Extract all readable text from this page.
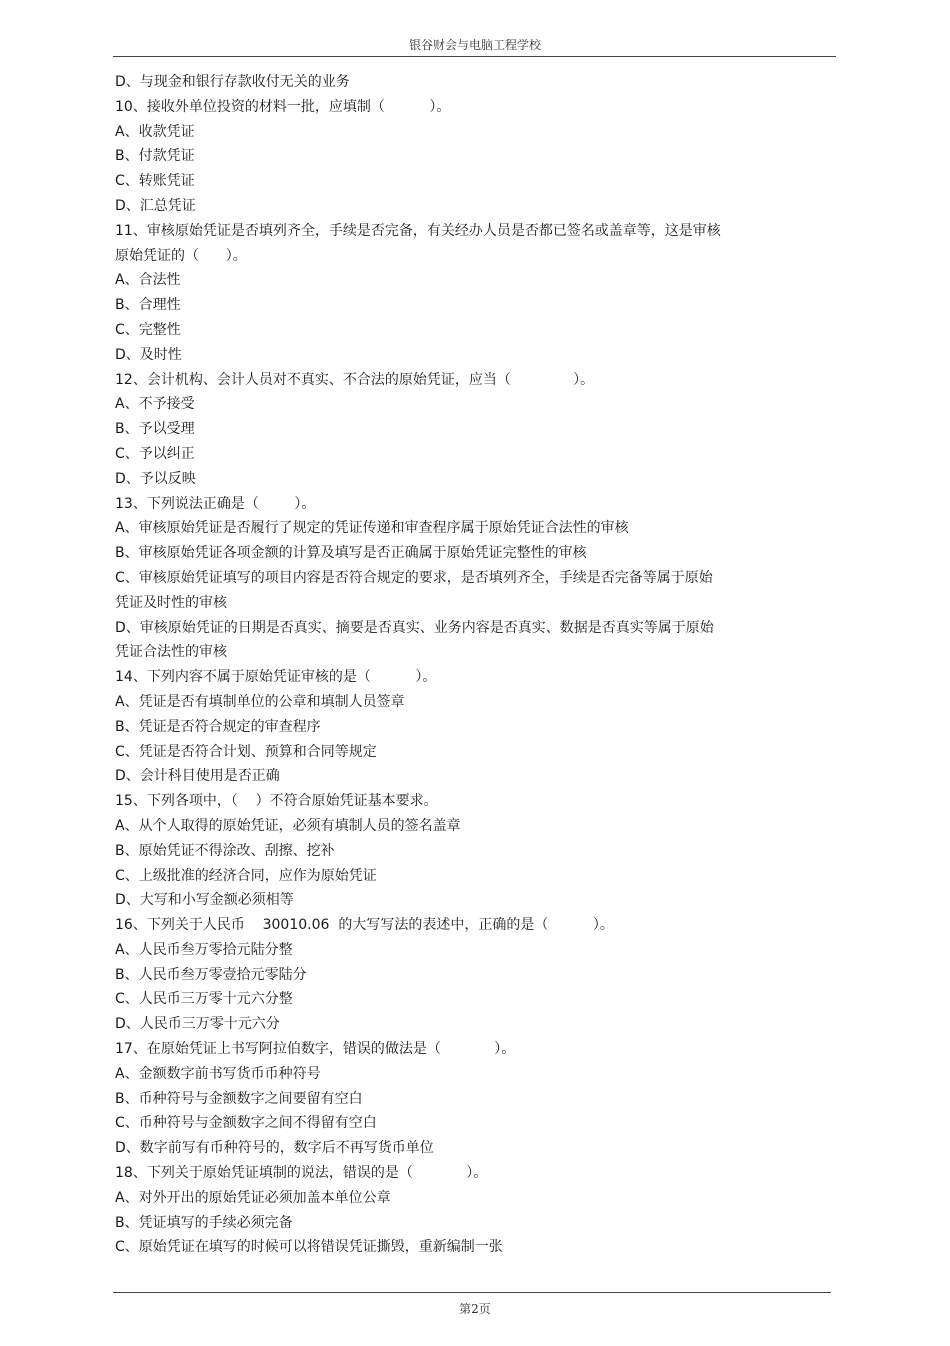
银谷财会与电脑工程学校
D、与现金和银行存款收付无关的业务
10、接收外单位投资的材料一批，应填制（          ）。
A、收款凭证
B、付款凭证
C、转账凭证
D、汇总凭证
11、审核原始凭证是否填列齐全，手续是否完备，有关经办人员是否都已签名或盖章等，这是审核
原始凭证的（      ）。
A、合法性
B、合理性
C、完整性
D、及时性
12、会计机构、会计人员对不真实、不合法的原始凭证，应当（              ）。
A、不予接受
B、予以受理
C、予以纠正
D、予以反映
13、下列说法正确是（        ）。
A、审核原始凭证是否履行了规定的凭证传递和审查程序属于原始凭证合法性的审核
B、审核原始凭证各项金额的计算及填写是否正确属于原始凭证完整性的审核
C、审核原始凭证填写的项目内容是否符合规定的要求，是否填列齐全，手续是否完备等属于原始
凭证及时性的审核
D、审核原始凭证的日期是否真实、摘要是否真实、业务内容是否真实、数据是否真实等属于原始
凭证合法性的审核
14、下列内容不属于原始凭证审核的是（          ）。
A、凭证是否有填制单位的公章和填制人员签章
B、凭证是否符合规定的审查程序
C、凭证是否符合计划、预算和合同等规定
D、会计科目使用是否正确
15、下列各项中，（    ）不符合原始凭证基本要求。
A、从个人取得的原始凭证，必须有填制人员的签名盖章
B、原始凭证不得涂改、刮擦、挖补
C、上级批准的经济合同，应作为原始凭证
D、大写和小写金额必须相等
16、下列关于人民币    30010.06  的大写写法的表述中，正确的是（          ）。
A、人民币叁万零拾元陆分整
B、人民币叁万零壹拾元零陆分
C、人民币三万零十元六分整
D、人民币三万零十元六分
17、在原始凭证上书写阿拉伯数字，错误的做法是（            ）。
A、金额数字前书写货币币种符号
B、币种符号与金额数字之间要留有空白
C、币种符号与金额数字之间不得留有空白
D、数字前写有币种符号的，数字后不再写货币单位
18、下列关于原始凭证填制的说法，错误的是（            ）。
A、对外开出的原始凭证必须加盖本单位公章
B、凭证填写的手续必须完备
C、原始凭证在填写的时候可以将错误凭证撕毁，重新编制一张
第2页
